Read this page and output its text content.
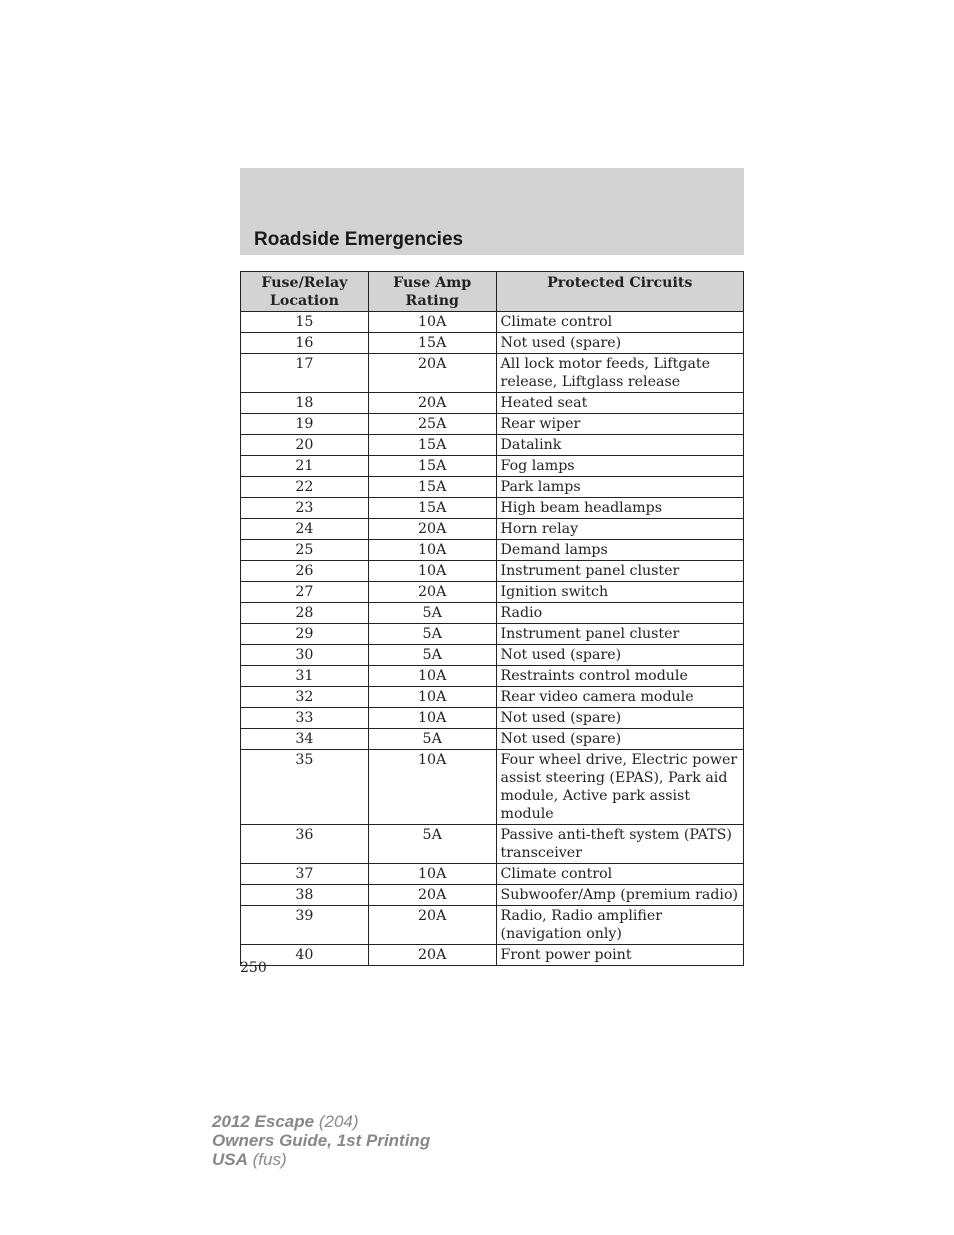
Roadside Emergencies
Fuse/Relay Location	Fuse Amp Rating	Protected Circuits
15	10A	Climate control
16	15A	Not used (spare)
17	20A	All lock motor feeds, Liftgate release, Liftglass release
18	20A	Heated seat
19	25A	Rear wiper
20	15A	Datalink
21	15A	Fog lamps
22	15A	Park lamps
23	15A	High beam headlamps
24	20A	Horn relay
25	10A	Demand lamps
26	10A	Instrument panel cluster
27	20A	Ignition switch
28	5A	Radio
29	5A	Instrument panel cluster
30	5A	Not used (spare)
31	10A	Restraints control module
32	10A	Rear video camera module
33	10A	Not used (spare)
34	5A	Not used (spare)
35	10A	Four wheel drive, Electric power assist steering (EPAS), Park aid module, Active park assist module
36	5A	Passive anti-theft system (PATS) transceiver
37	10A	Climate control
38	20A	Subwoofer/Amp (premium radio)
39	20A	Radio, Radio amplifier (navigation only)
40	20A	Front power point
250
2012 Escape (204)
Owners Guide, 1st Printing
USA (fus)
